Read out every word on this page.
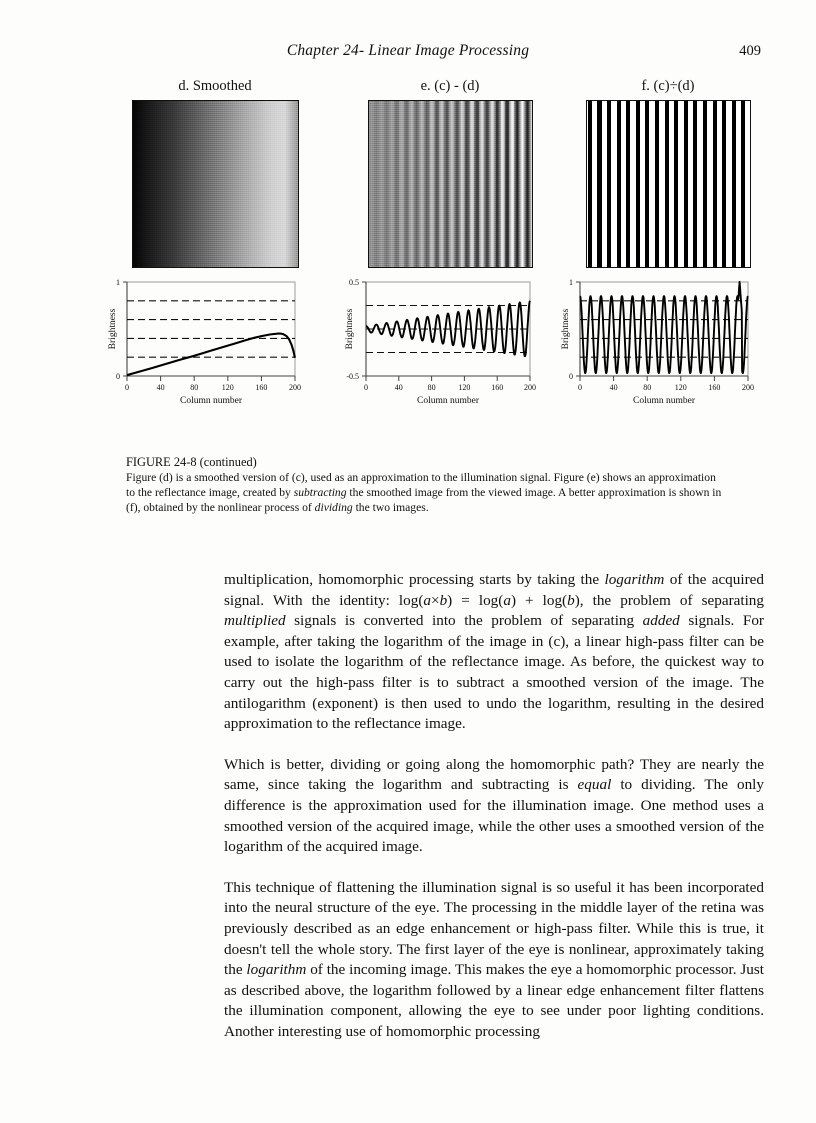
Chapter 24- Linear Image Processing	409
d. Smoothed
1
0
0	40	80	120	160	200
Column number
Brightness
e. (c) - (d)
0.5
-0.5
0	40	80	120	160	200
Column number
Brightness
f. (c)÷(d)
1
0
0	40	80	120	160	200
Column number
Brightness

FIGURE 24-8 (continued)

Figure (d) is a smoothed version of (c), used as an approximation to the illumination signal. Figure (e) shows an approximation to the reflectance image, created by subtracting the smoothed image from the viewed image. A better approximation is shown in (f), obtained by the nonlinear process of dividing the two images.

multiplication, homomorphic processing starts by taking the logarithm of the acquired signal. With the identity: log(a×b) = log(a) + log(b), the problem of separating multiplied signals is converted into the problem of separating added signals. For example, after taking the logarithm of the image in (c), a linear high-pass filter can be used to isolate the logarithm of the reflectance image. As before, the quickest way to carry out the high-pass filter is to subtract a smoothed version of the image. The antilogarithm (exponent) is then used to undo the logarithm, resulting in the desired approximation to the reflectance image.

Which is better, dividing or going along the homomorphic path? They are nearly the same, since taking the logarithm and subtracting is equal to dividing. The only difference is the approximation used for the illumination image. One method uses a smoothed version of the acquired image, while the other uses a smoothed version of the logarithm of the acquired image.

This technique of flattening the illumination signal is so useful it has been incorporated into the neural structure of the eye. The processing in the middle layer of the retina was previously described as an edge enhancement or high-pass filter. While this is true, it doesn't tell the whole story. The first layer of the eye is nonlinear, approximately taking the logarithm of the incoming image. This makes the eye a homomorphic processor. Just as described above, the logarithm followed by a linear edge enhancement filter flattens the illumination component, allowing the eye to see under poor lighting conditions. Another interesting use of homomorphic processing
